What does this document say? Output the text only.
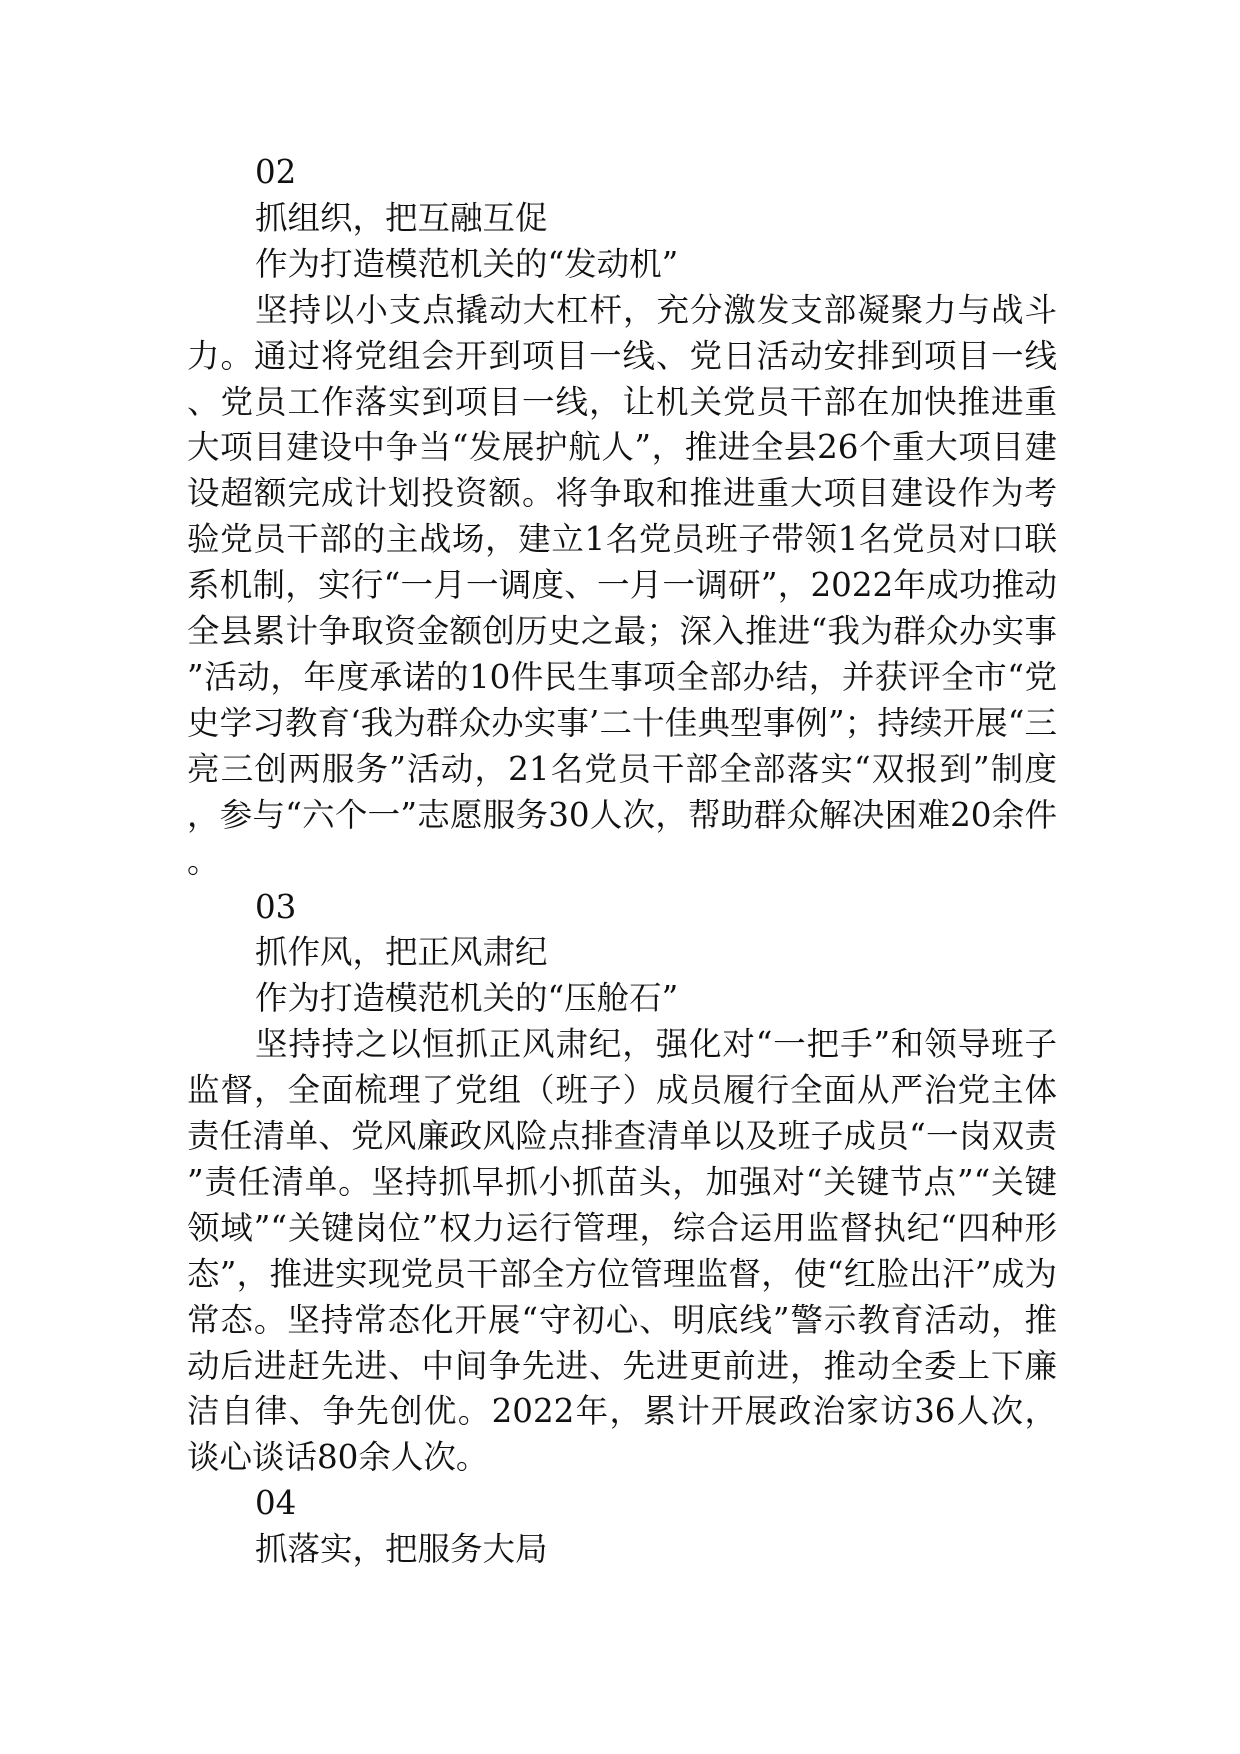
02

抓组织，把互融互促

作为打造模范机关的“发动机”

坚持以小支点撬动大杠杆，充分激发支部凝聚力与战斗力。通过将党组会开到项目一线、党日活动安排到项目一线、党员工作落实到项目一线，让机关党员干部在加快推进重大项目建设中争当“发展护航人”，推进全县26个重大项目建设超额完成计划投资额。将争取和推进重大项目建设作为考验党员干部的主战场，建立1名党员班子带领1名党员对口联系机制，实行“一月一调度、一月一调研”，2022年成功推动全县累计争取资金额创历史之最；深入推进“我为群众办实事”活动，年度承诺的10件民生事项全部办结，并获评全市“党史学习教育‘我为群众办实事’二十佳典型事例”；持续开展“三亮三创两服务”活动，21名党员干部全部落实“双报到”制度，参与“六个一”志愿服务30人次，帮助群众解决困难20余件。

03

抓作风，把正风肃纪

作为打造模范机关的“压舱石”

坚持持之以恒抓正风肃纪，强化对“一把手”和领导班子监督，全面梳理了党组（班子）成员履行全面从严治党主体责任清单、党风廉政风险点排查清单以及班子成员“一岗双责”责任清单。坚持抓早抓小抓苗头，加强对“关键节点”“关键领域”“关键岗位”权力运行管理，综合运用监督执纪“四种形态”，推进实现党员干部全方位管理监督，使“红脸出汗”成为常态。坚持常态化开展“守初心、明底线”警示教育活动，推动后进赶先进、中间争先进、先进更前进，推动全委上下廉洁自律、争先创优。2022年，累计开展政治家访36人次，谈心谈话80余人次。

04

抓落实，把服务大局
